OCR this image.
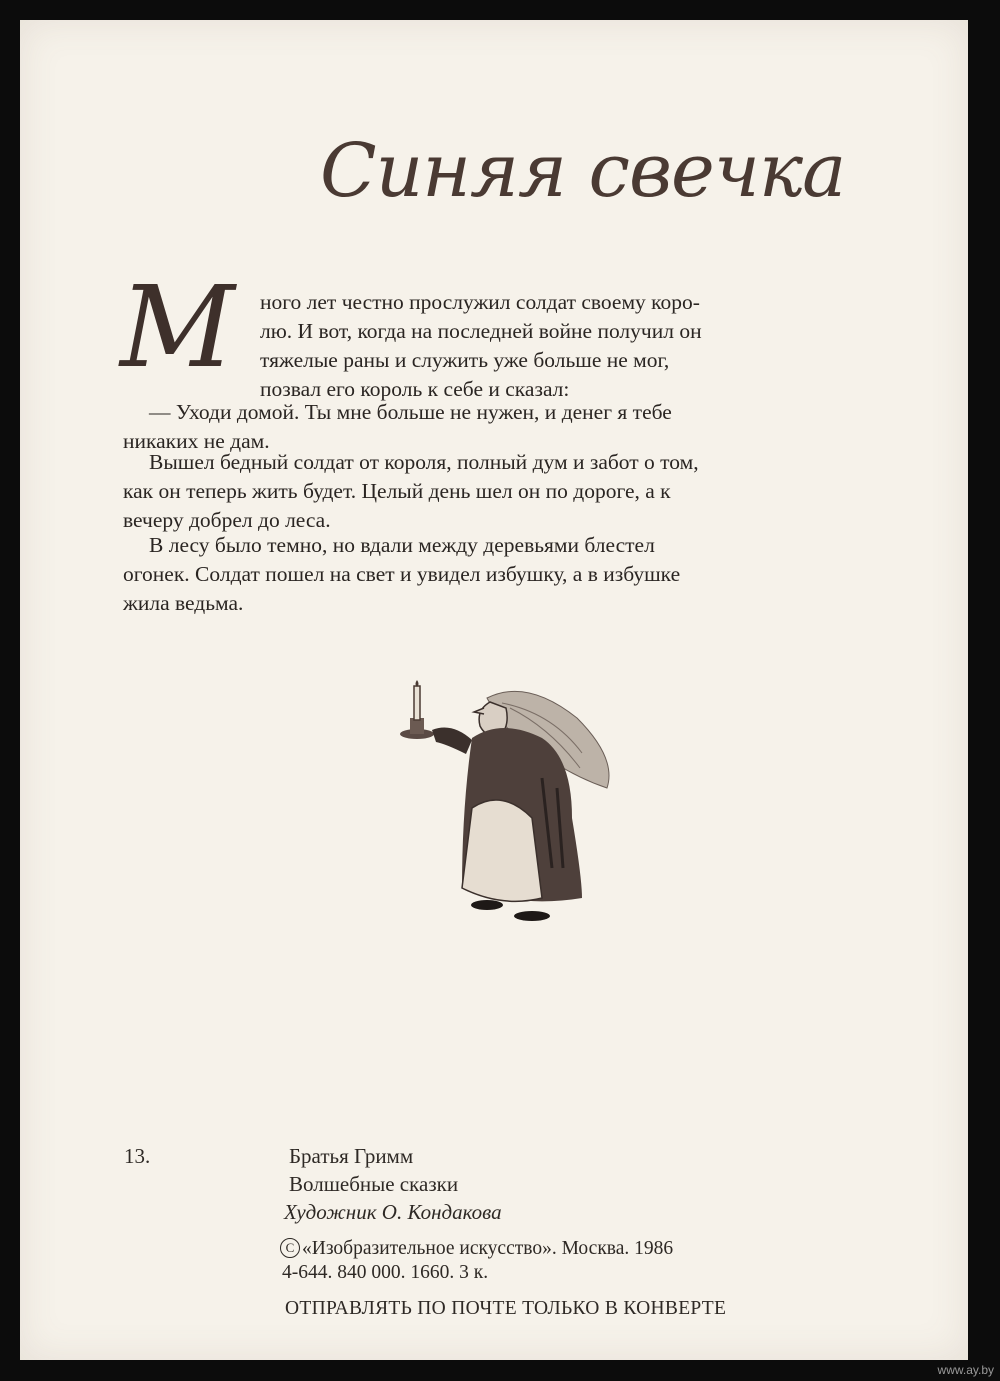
Синяя свечка
М ного лет честно прослужил солдат своему коро-
лю. И вот, когда на последней войне получил он
тяжелые раны и служить уже больше не мог,
позвал его король к себе и сказал:
— Уходи домой. Ты мне больше не нужен, и денег я тебе
никаких не дам.
Вышел бедный солдат от короля, полный дум и забот о том,
как он теперь жить будет. Целый день шел он по дороге, а к
вечеру добрел до леса.
В лесу было темно, но вдали между деревьями блестел
огонек. Солдат пошел на свет и увидел избушку, а в избушке
жила ведьма.
13.	Братья Гримм
Волшебные сказки
Художник О. Кондакова
C «Изобразительное искусство». Москва. 1986
4-644. 840 000. 1660. 3 к.
ОТПРАВЛЯТЬ ПО ПОЧТЕ ТОЛЬКО В КОНВЕРТЕ
www.ay.by
